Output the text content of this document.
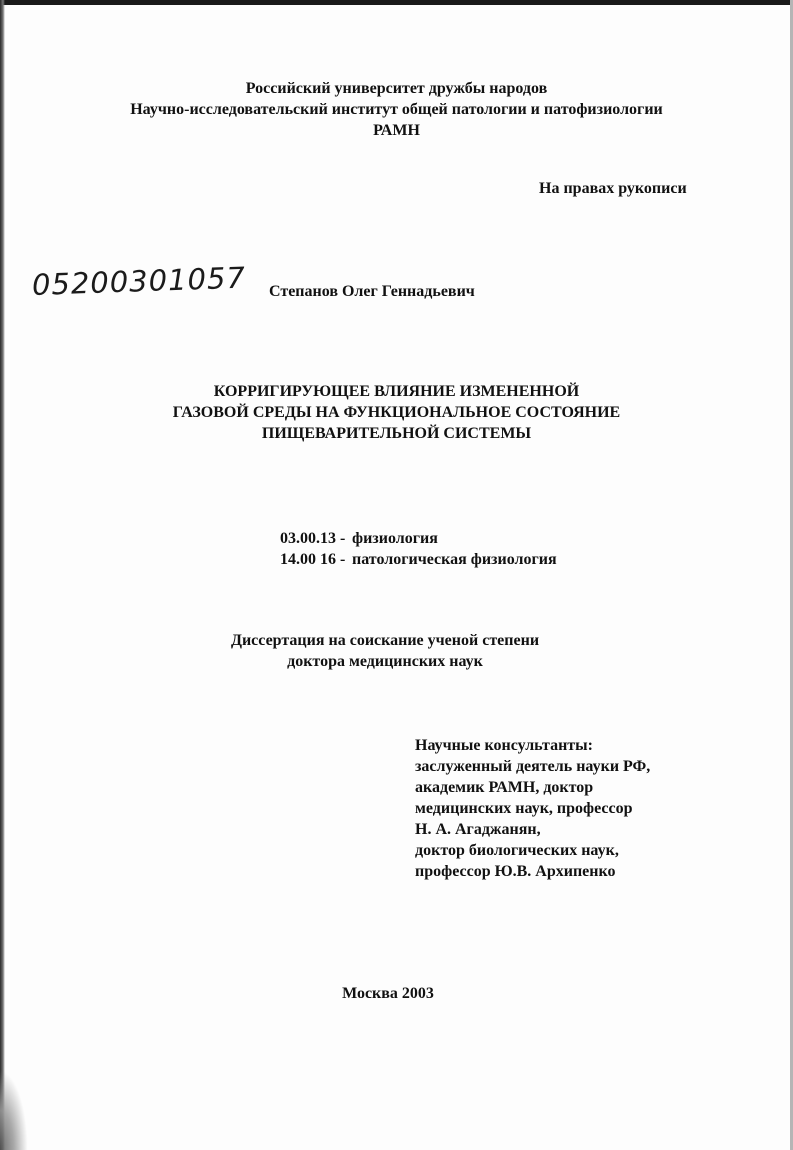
Российский университет дружбы народов
Научно-исследовательский институт общей патологии и патофизиологии
РАМН
На правах рукописи
05200301057 Степанов Олег Геннадьевич
КОРРИГИРУЮЩЕЕ ВЛИЯНИЕ ИЗМЕНЕННОЙ
ГАЗОВОЙ СРЕДЫ НА ФУНКЦИОНАЛЬНОЕ СОСТОЯНИЕ
ПИЩЕВАРИТЕЛЬНОЙ СИСТЕМЫ
03.00.13 - физиология
14.00 16 - патологическая физиология
Диссертация на соискание ученой степени
доктора медицинских наук
Научные консультанты:
заслуженный деятель науки РФ,
академик РАМН, доктор
медицинских наук, профессор
Н. А. Агаджанян,
доктор биологических наук,
профессор Ю.В. Архипенко
Москва 2003
